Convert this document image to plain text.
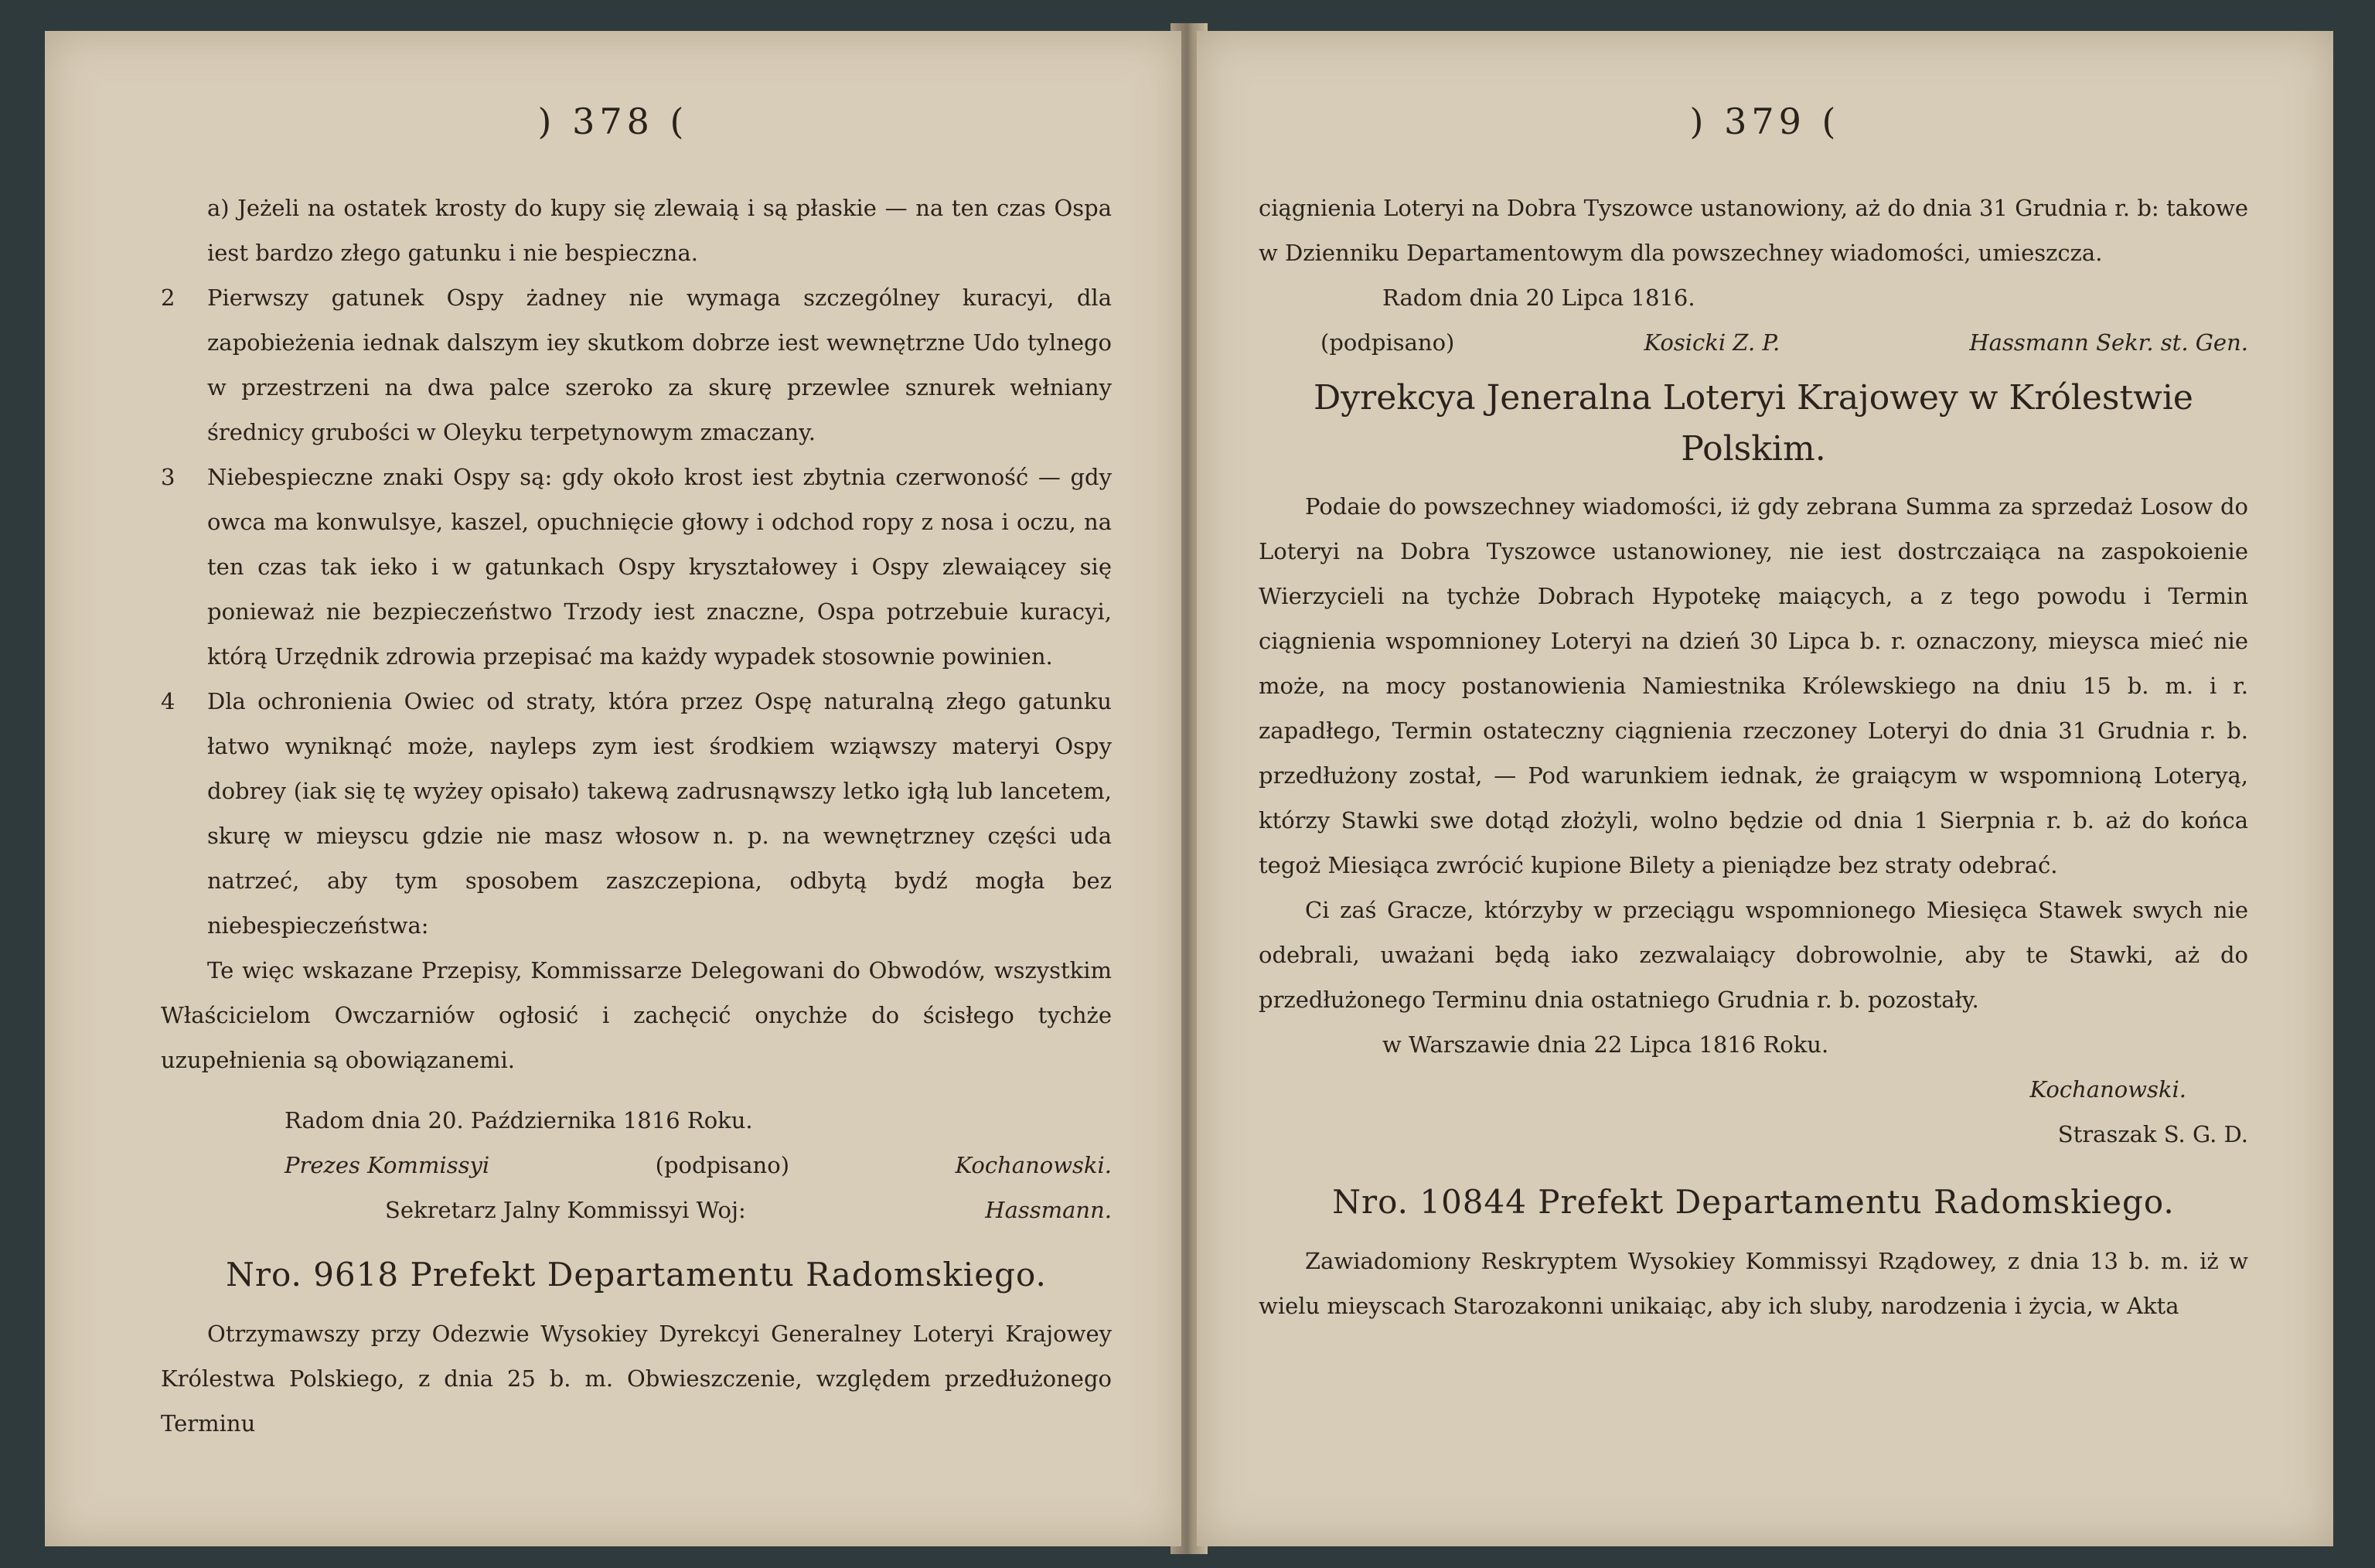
) 378 (

a) Jeżeli na ostatek krosty do kupy się zlewaią i są płaskie — na ten czas Ospa iest bardzo złego gatunku i nie bespieczna.

2	Pierwszy gatunek Ospy żadney nie wymaga szczególney kuracyi, dla zapobieżenia iednak dalszym iey skutkom dobrze iest wewnętrzne Udo tylnego w przestrzeni na dwa palce szeroko za skurę przewlee sznurek wełniany średnicy grubości w Oleyku terpetynowym zmaczany.
3	Niebespieczne znaki Ospy są: gdy około krost iest zbytnia czerwoność — gdy owca ma konwulsye, kaszel, opuchnięcie głowy i odchod ropy z nosa i oczu, na ten czas tak ieko i w gatunkach Ospy kryształowey i Ospy zlewaiącey się ponieważ nie bezpieczeństwo Trzody iest znaczne, Ospa potrzebuie kuracyi, którą Urzędnik zdrowia przepisać ma każdy wypadek stosownie powinien.
4	Dla ochronienia Owiec od straty, która przez Ospę naturalną złego gatunku łatwo wyniknąć może, nayleps zym iest środkiem wziąwszy materyi Ospy dobrey (iak się tę wyżey opisało) takewą zadrusnąwszy letko igłą lub lancetem, skurę w mieyscu gdzie nie masz włosow n. p. na wewnętrzney części uda natrzeć, aby tym sposobem zaszczepiona, odbytą bydź mogła bez niebespieczeństwa:

Te więc wskazane Przepisy, Kommissarze Delegowani do Obwodów, wszystkim Właścicielom Owczarniów ogłosić i zachęcić onychże do ścisłego tychże uzupełnienia są obowiązanemi.

Radom dnia 20. Października 1816 Roku.

Prezes Kommissyi	(podpisano)	Kochanowski.
Sekretarz Jalny Kommissyi Woj:	Hassmann.
Nro. 9618 Prefekt Departamentu Radomskiego.

Otrzymawszy przy Odezwie Wysokiey Dyrekcyi Generalney Loteryi Krajowey Królestwa Polskiego, z dnia 25 b. m. Obwieszczenie, względem przedłużonego Terminu

) 379 (

ciągnienia Loteryi na Dobra Tyszowce ustanowiony, aż do dnia 31 Grudnia r. b: takowe w Dzienniku Departamentowym dla powszechney wiadomości, umieszcza.

Radom dnia 20 Lipca 1816.

(podpisano)	Kosicki Z. P.	Hassmann Sekr. st. Gen.
Dyrekcya Jeneralna Loteryi Krajowey w Królestwie Polskim.

Podaie do powszechney wiadomości, iż gdy zebrana Summa za sprzedaż Losow do Loteryi na Dobra Tyszowce ustanowioney, nie iest dostrczaiąca na zaspokoienie Wierzycieli na tychże Dobrach Hypotekę maiących, a z tego powodu i Termin ciągnienia wspomnioney Loteryi na dzień 30 Lipca b. r. oznaczony, mieysca mieć nie może, na mocy postanowienia Namiestnika Królewskiego na dniu 15 b. m. i r. zapadłego, Termin ostateczny ciągnienia rzeczoney Loteryi do dnia 31 Grudnia r. b. przedłużony został, — Pod warunkiem iednak, że graiącym w wspomnioną Loteryą, którzy Stawki swe dotąd złożyli, wolno będzie od dnia 1 Sierpnia r. b. aż do końca tegoż Miesiąca zwrócić kupione Bilety a pieniądze bez straty odebrać.

Ci zaś Gracze, którzyby w przeciągu wspomnionego Miesięca Stawek swych nie odebrali, uważani będą iako zezwalaiący dobrowolnie, aby te Stawki, aż do przedłużonego Terminu dnia ostatniego Grudnia r. b. pozostały.

w Warszawie dnia 22 Lipca 1816 Roku.

Kochanowski.

Straszak S. G. D.

Nro. 10844 Prefekt Departamentu Radomskiego.

Zawiadomiony Reskryptem Wysokiey Kommissyi Rządowey, z dnia 13 b. m. iż w wielu mieyscach Starozakonni unikaiąc, aby ich sluby, narodzenia i życia, w Akta
